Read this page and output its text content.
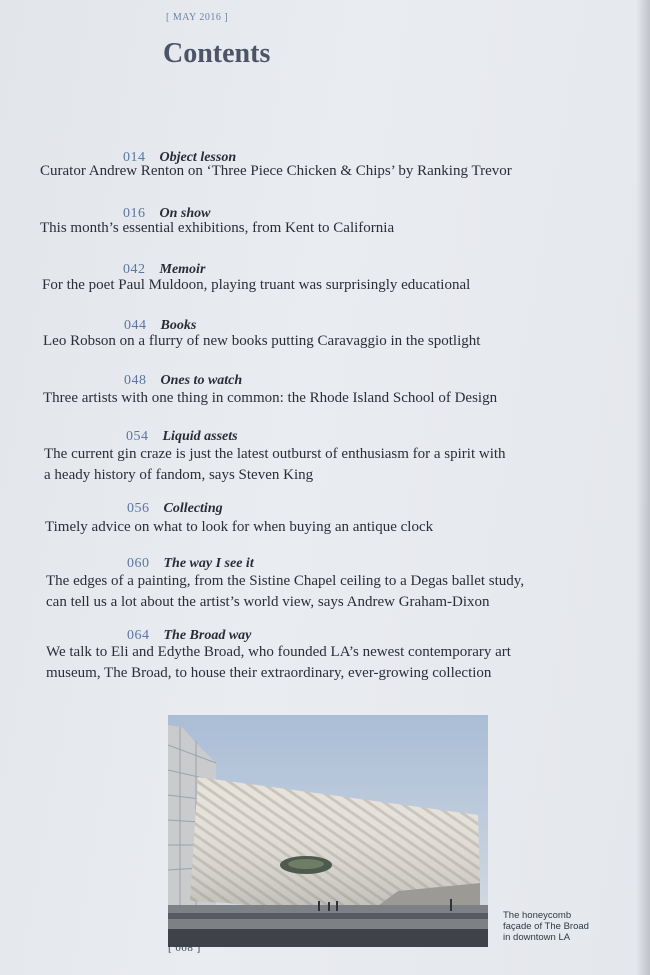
[ MAY 2016 ]
Contents
014 Object lesson

Curator Andrew Renton on ‘Three Piece Chicken & Chips’ by Ranking Trevor

016 On show

This month’s essential exhibitions, from Kent to California

042 Memoir

For the poet Paul Muldoon, playing truant was surprisingly educational

044 Books

Leo Robson on a flurry of new books putting Caravaggio in the spotlight

048 Ones to watch

Three artists with one thing in common: the Rhode Island School of Design

054 Liquid assets

The current gin craze is just the latest outburst of enthusiasm for a spirit with
a heady history of fandom, says Steven King

056 Collecting

Timely advice on what to look for when buying an antique clock

060 The way I see it

The edges of a painting, from the Sistine Chapel ceiling to a Degas ballet study,
can tell us a lot about the artist’s world view, says Andrew Graham-Dixon

064 The Broad way

We talk to Eli and Edythe Broad, who founded LA’s newest contemporary art
museum, The Broad, to house their extraordinary, ever-growing collection

The honeycomb
façade of The Broad
in downtown LA
[ 008 ]
